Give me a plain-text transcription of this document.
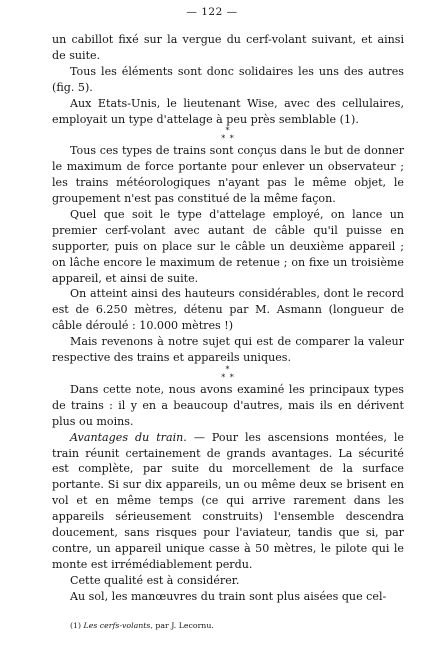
— 122 —

un cabillot fixé sur la vergue du cerf-volant suivant, et ainsi de suite.

Tous les éléments sont donc solidaires les uns des autres (fig. 5).

Aux Etats-Unis, le lieutenant Wise, avec des cellulaires, employait un type d'attelage à peu près semblable (1).

*
* *

Tous ces types de trains sont conçus dans le but de donner le maximum de force portante pour enlever un observateur ; les trains météorologiques n'ayant pas le même objet, le groupement n'est pas constitué de la même façon.

Quel que soit le type d'attelage employé, on lance un premier cerf-volant avec autant de câble qu'il puisse en supporter, puis on place sur le câble un deuxième appareil ; on lâche encore le maximum de retenue ; on fixe un troisième appareil, et ainsi de suite.

On atteint ainsi des hauteurs considérables, dont le record est de 6.250 mètres, détenu par M. Asmann (longueur de câble déroulé : 10.000 mètres !)

Mais revenons à notre sujet qui est de comparer la valeur respective des trains et appareils uniques.

*
* *

Dans cette note, nous avons examiné les principaux types de trains : il y en a beaucoup d'autres, mais ils en dérivent plus ou moins.

Avantages du train. — Pour les ascensions montées, le train réunit certainement de grands avantages. La sécurité est complète, par suite du morcellement de la surface portante. Si sur dix appareils, un ou même deux se brisent en vol et en même temps (ce qui arrive rarement dans les appareils sérieusement construits) l'ensemble descendra doucement, sans risques pour l'aviateur, tandis que si, par contre, un appareil unique casse à 50 mètres, le pilote qui le monte est irrémédiablement perdu.

Cette qualité est à considérer.

Au sol, les manœuvres du train sont plus aisées que cel-

(1) Les cerfs-volants, par J. Lecornu.
